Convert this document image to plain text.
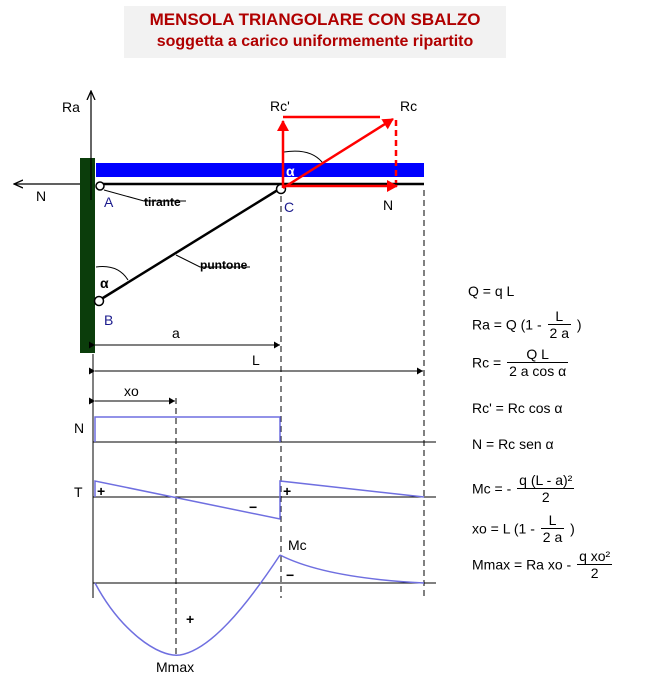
MENSOLA TRIANGOLARE CON SBALZO
soggetta a carico uniformemente ripartito
Ra
N	A
B
C
α
α
tirante
puntone
Rc'	Rc
N
a
L
xo
N
T +
−
+
Mc
−
+
Mmax
Q = q L
Ra = Q ($1 - \frac{L}{2 a}$ )
$Rc = \frac{\text{Q L}}{\text{2 a cos α}}$
Rc' = Rc cos α
N = Rc sen α
Mc = - $\frac{\text{q (L - a)²}}{2}$
xo = L ($1 - \frac{L}{2 a}$ )
Mmax = Ra xo - $\frac{\text{q xo²}}{2}$
